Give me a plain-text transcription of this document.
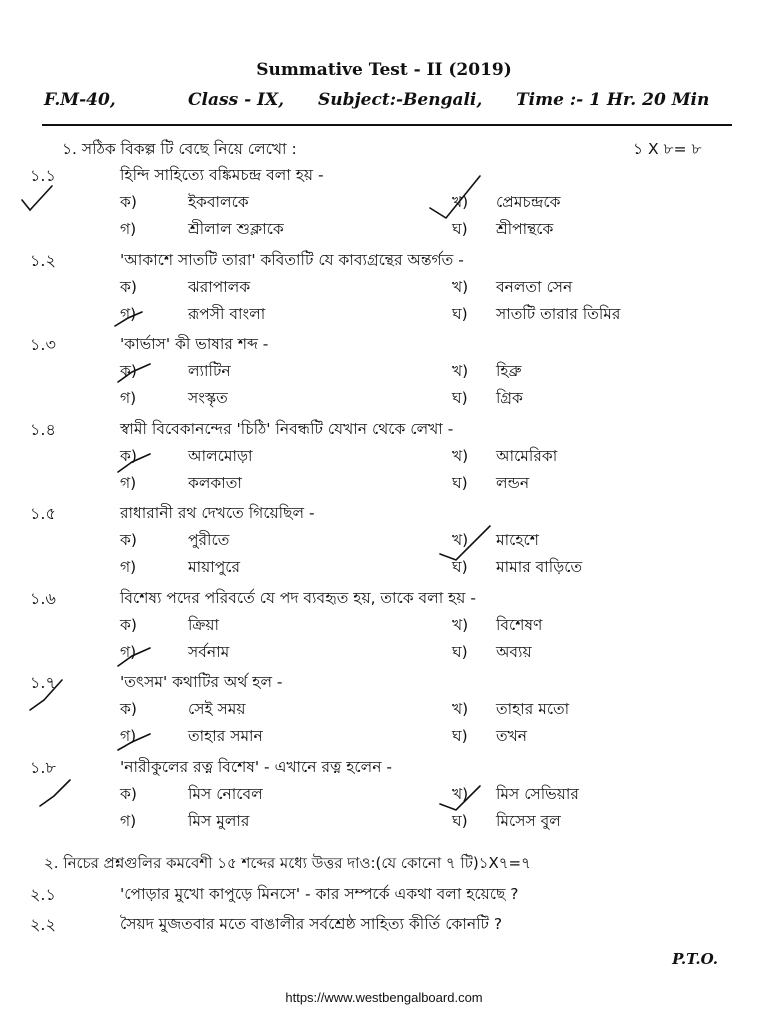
Summative Test - II (2019)
F.M-40,	Class - IX, Subject:-Bengali, Time :- 1 Hr. 20 Min
১. সঠিক বিকল্প টি বেছে নিয়ে লেখো :	১ X ৮= ৮
১.১	হিন্দি সাহিত্যে বঙ্কিমচন্দ্র বলা হয় -
ক)	ইকবালকে	খ) প্রেমচন্দ্রকে
গ)	শ্রীলাল শুক্লাকে	ঘ) শ্রীপান্থকে
১.২	'আকাশে সাতটি তারা' কবিতাটি যে কাব্যগ্রন্থের অন্তর্গত -
ক)	ঝরাপালক	খ) বনলতা সেন
গ)	রূপসী বাংলা	ঘ) সাতটি তারার তিমির
১.৩	'কার্ভাস' কী ভাষার শব্দ -
ক)	ল্যাটিন	খ) হিব্রু
গ)	সংস্কৃত	ঘ) গ্রিক
১.৪	স্বামী বিবেকানন্দের 'চিঠি' নিবন্ধটি যেখান থেকে লেখা -
ক)	আলমোড়া	খ) আমেরিকা
গ)	কলকাতা	ঘ) লন্ডন
১.৫	রাধারানী রথ দেখতে গিয়েছিল -
ক)	পুরীতে	খ) মাহেশে
গ)	মায়াপুরে	ঘ) মামার বাড়িতে
১.৬	বিশেষ্য পদের পরিবর্তে যে পদ ব্যবহৃত হয়, তাকে বলা হয় -
ক)	ক্রিয়া	খ) বিশেষণ
গ)	সর্বনাম	ঘ) অব্যয়
১.৭	'তৎসম' কথাটির অর্থ হল -
ক)	সেই সময়	খ) তাহার মতো
গ)	তাহার সমান	ঘ) তখন
১.৮	'নারীকুলের রত্ন বিশেষ' - এখানে রত্ন হলেন -
ক)	মিস নোবেল	খ) মিস সেভিয়ার
গ)	মিস মুলার	ঘ) মিসেস বুল
২. নিচের প্রশ্নগুলির কমবেশী ১৫ শব্দের মধ্যে উত্তর দাও:(যে কোনো ৭ টি)১X৭=৭
২.১	'পোড়ার মুখো কাপুড়ে মিনসে' - কার সম্পর্কে একথা বলা হয়েছে ?
২.২	সৈয়দ মুজতবার মতে বাঙালীর সর্বশ্রেষ্ঠ সাহিত্য কীর্তি কোনটি ?
P.T.O.
https://www.westbengalboard.com
